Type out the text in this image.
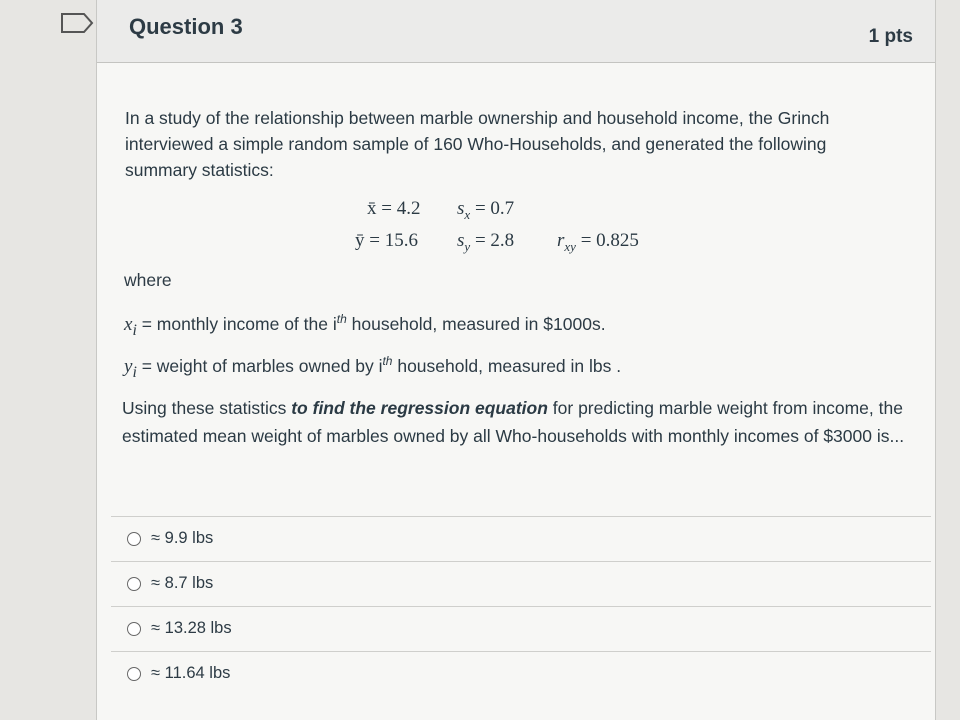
Question 3	1 pts
In a study of the relationship between marble ownership and household income, the Grinch interviewed a simple random sample of 160 Who-Households, and generated the following summary statistics:
x̄ = 4.2 $s_x = 0.7$
ȳ = 15.6 $s_y = 2.8$ $r_{xy} = 0.825$
where
$x_i$ = monthly income of the $i^{th}$ household, measured in $1000s.
$y_i$ = weight of marbles owned by $i^{th}$ household, measured in lbs .
Using these statistics to find the regression equation for predicting marble weight from income, the estimated mean weight of marbles owned by all Who-households with monthly incomes of $3000 is...
≈ 9.9 lbs
≈ 8.7 lbs
≈ 13.28 lbs
≈ 11.64 lbs
